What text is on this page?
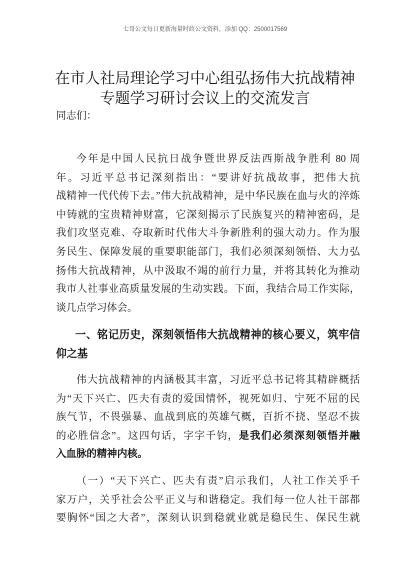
七哥公文每日更新海量时政公文资料，添加 QQ：2500017569
在市人社局理论学习中心组弘扬伟大抗战精神
专题学习研讨会议上的交流发言
同志们：
今年是中国人民抗日战争暨世界反法西斯战争胜利 80 周
年。习近平总书记深刻指出：“要讲好抗战故事，把伟大抗
战精神一代代传下去。”伟大抗战精神，是中华民族在血与火的淬炼
中铸就的宝贵精神财富，它深刻揭示了民族复兴的精神密码，是
我们攻坚克难、夺取新时代伟大斗争新胜利的强大动力。作为服
务民生、保障发展的重要职能部门，我们必须深刻领悟、大力弘
扬伟大抗战精神，从中汲取不竭的前行力量，并将其转化为推动
我市人社事业高质量发展的生动实践。下面，我结合局工作实际，
谈几点学习体会。
一、铭记历史，深刻领悟伟大抗战精神的核心要义，筑牢信
仰之基
伟大抗战精神的内涵极其丰富，习近平总书记将其精辟概括
为“天下兴亡、匹夫有责的爱国情怀，视死如归、宁死不屈的民
族气节，不畏强暴、血战到底的英雄气概，百折不挠、坚忍不拔
的必胜信念”。这四句话，字字千钧，是我们必须深刻领悟并融
入血脉的精神内核。
（一）“天下兴亡、匹夫有责”启示我们，人社工作关乎千
家万户，关乎社会公平正义与和谐稳定。我们每一位人社干部都
要胸怀“国之大者”，深刻认识到稳就业就是稳民生、保民生就
